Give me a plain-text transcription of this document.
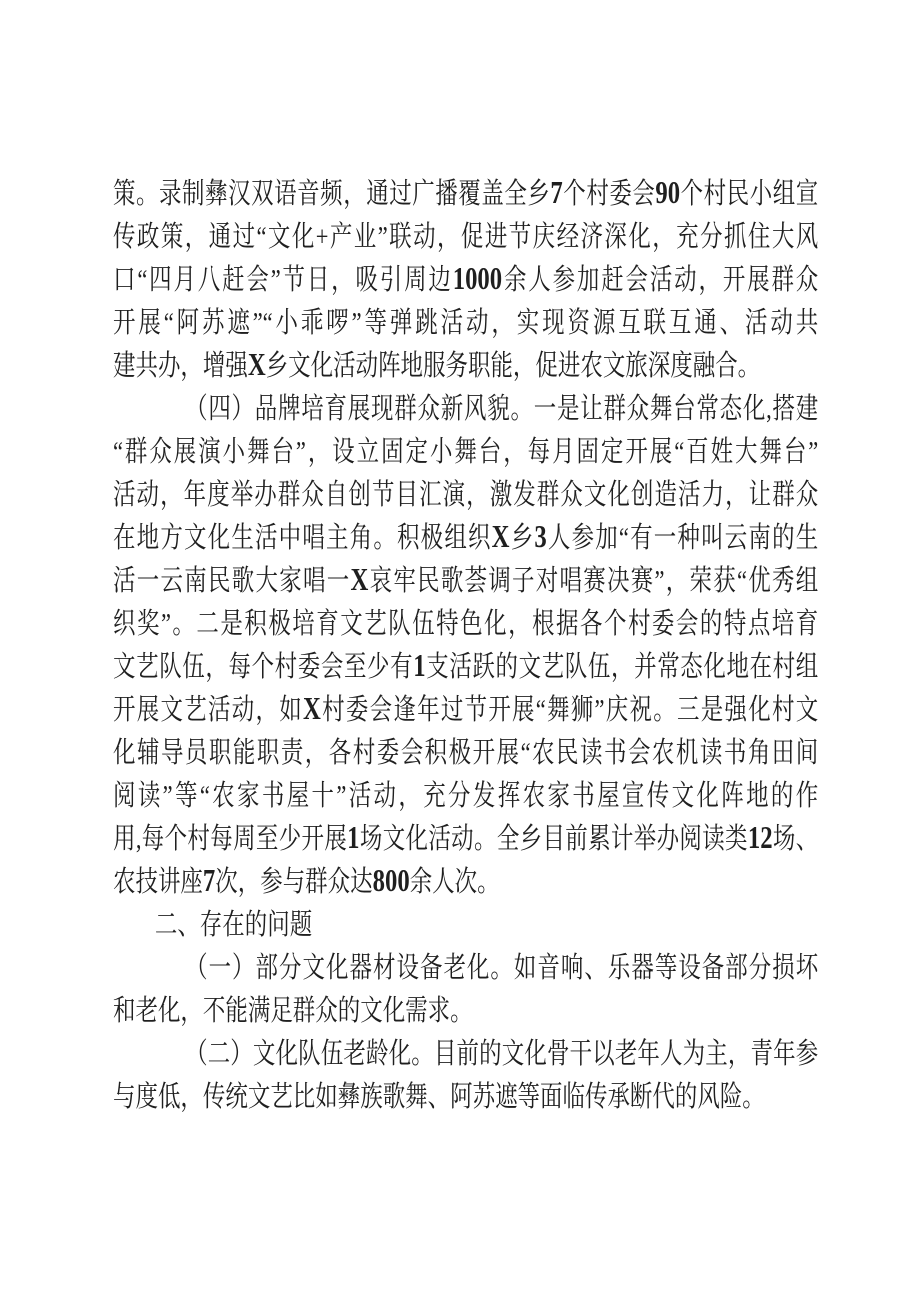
策。录制彝汉双语音频，通过广播覆盖全乡7个村委会90个村民小组宣
传政策，通过“文化+产业”联动，促进节庆经济深化，充分抓住大风
口“四月八赶会”节日，吸引周边1000余人参加赶会活动，开展群众
开展“阿苏遮”“小乖啰”等弹跳活动，实现资源互联互通、活动共
建共办，增强X乡文化活动阵地服务职能，促进农文旅深度融合。
（四）品牌培育展现群众新风貌。一是让群众舞台常态化,搭建
“群众展演小舞台”，设立固定小舞台，每月固定开展“百姓大舞台”
活动，年度举办群众自创节目汇演，激发群众文化创造活力，让群众
在地方文化生活中唱主角。积极组织X乡3人参加“有一种叫云南的生
活一云南民歌大家唱一X哀牢民歌荟调子对唱赛决赛”，荣获“优秀组
织奖”。二是积极培育文艺队伍特色化，根据各个村委会的特点培育
文艺队伍，每个村委会至少有1支活跃的文艺队伍，并常态化地在村组
开展文艺活动，如X村委会逢年过节开展“舞狮”庆祝。三是强化村文
化辅导员职能职责，各村委会积极开展“农民读书会农机读书角田间
阅读”等“农家书屋十”活动，充分发挥农家书屋宣传文化阵地的作
用,每个村每周至少开展1场文化活动。全乡目前累计举办阅读类12场、
农技讲座7次，参与群众达800余人次。
二、存在的问题
（一）部分文化器材设备老化。如音响、乐器等设备部分损坏
和老化，不能满足群众的文化需求。
（二）文化队伍老龄化。目前的文化骨干以老年人为主，青年参
与度低，传统文艺比如彝族歌舞、阿苏遮等面临传承断代的风险。
